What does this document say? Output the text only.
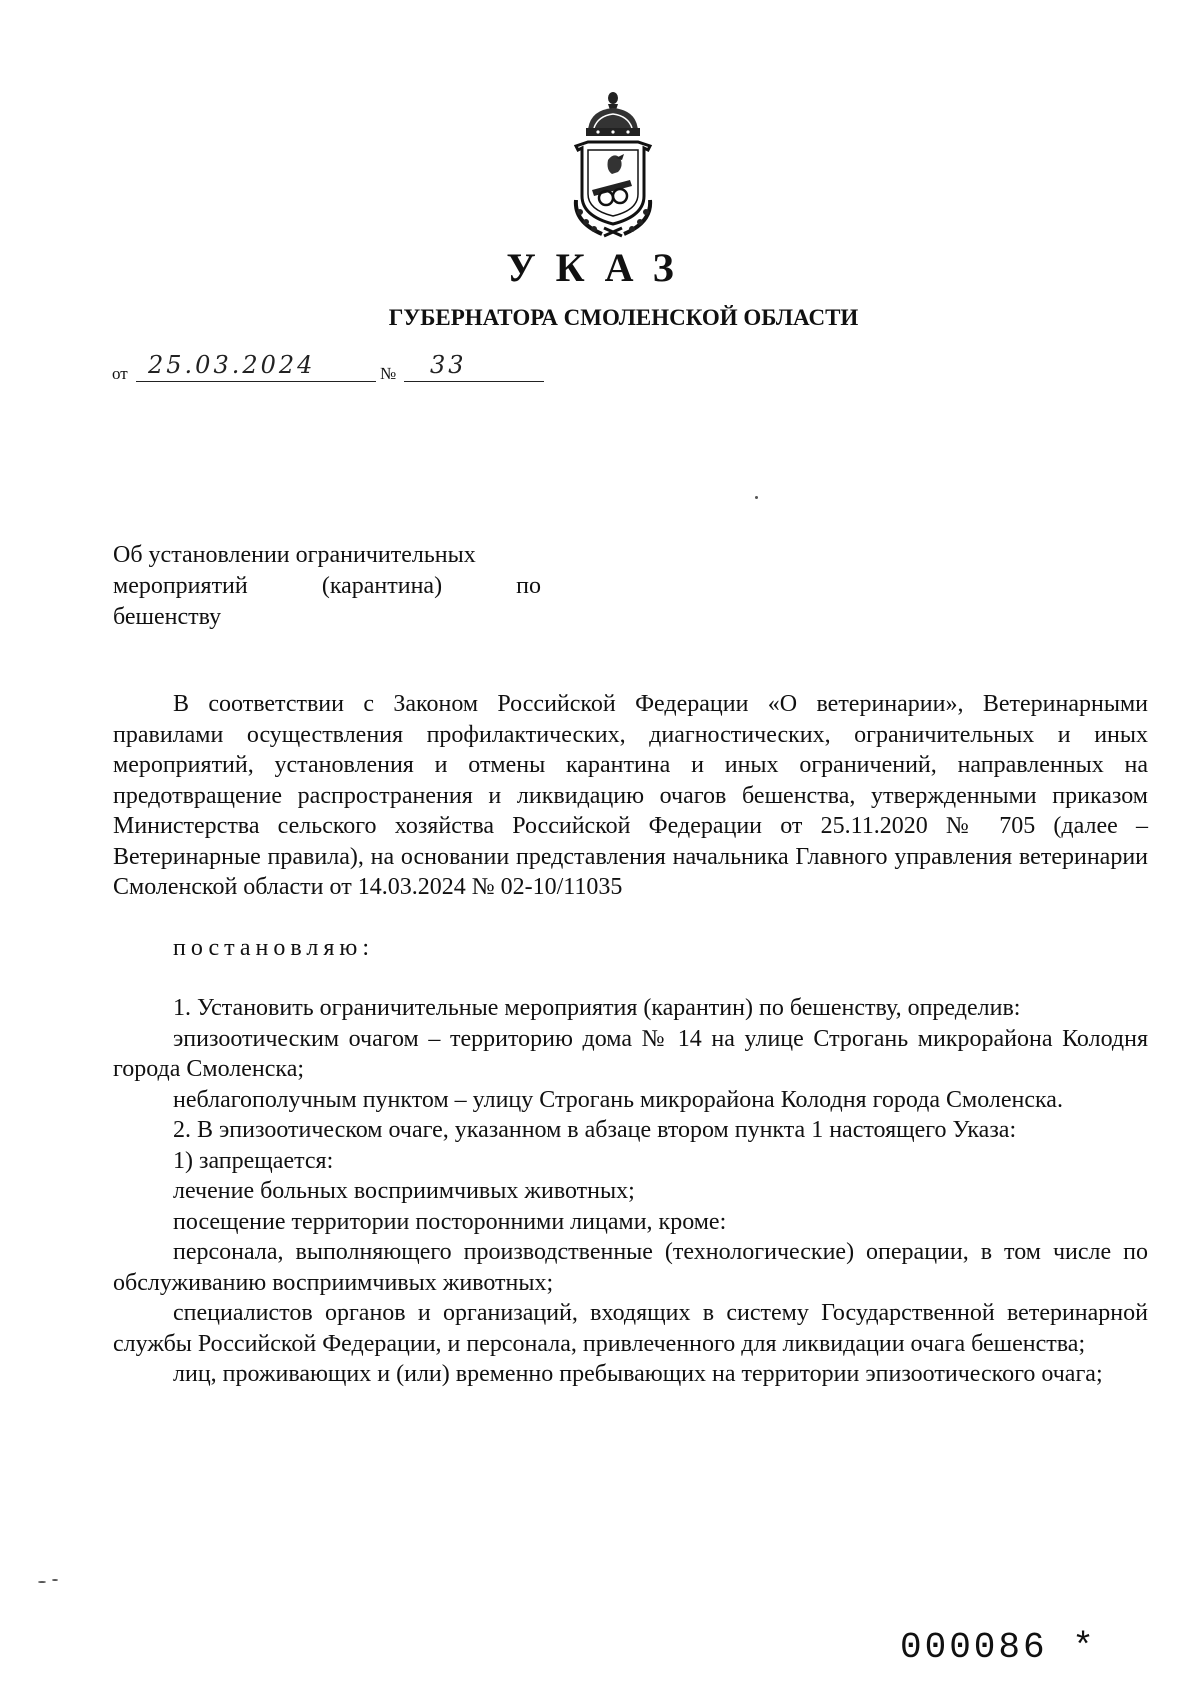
УКАЗ
ГУБЕРНАТОРА СМОЛЕНСКОЙ ОБЛАСТИ
от 25.03.2024	№ 33
Об установлении ограничительных
мероприятий (карантина) по
бешенству

В соответствии с Законом Российской Федерации «О ветеринарии», Ветеринарными правилами осуществления профилактических, диагностических, ограничительных и иных мероприятий, установления и отмены карантина и иных ограничений, направленных на предотвращение распространения и ликвидацию очагов бешенства, утвержденными приказом Министерства сельского хозяйства Российской Федерации от 25.11.2020 № 705 (далее – Ветеринарные правила), на основании представления начальника Главного управления ветеринарии Смоленской области от 14.03.2024 № 02-10/11035

постановляю:

1. Установить ограничительные мероприятия (карантин) по бешенству, определив:

эпизоотическим очагом – территорию дома № 14 на улице Строгань микрорайона Колодня города Смоленска;

неблагополучным пунктом – улицу Строгань микрорайона Колодня города Смоленска.

2. В эпизоотическом очаге, указанном в абзаце втором пункта 1 настоящего Указа:

1) запрещается:

лечение больных восприимчивых животных;

посещение территории посторонними лицами, кроме:

персонала, выполняющего производственные (технологические) операции, в том числе по обслуживанию восприимчивых животных;

специалистов органов и организаций, входящих в систему Государственной ветеринарной службы Российской Федерации, и персонала, привлеченного для ликвидации очага бешенства;

лиц, проживающих и (или) временно пребывающих на территории эпизоотического очага;

000086 *
